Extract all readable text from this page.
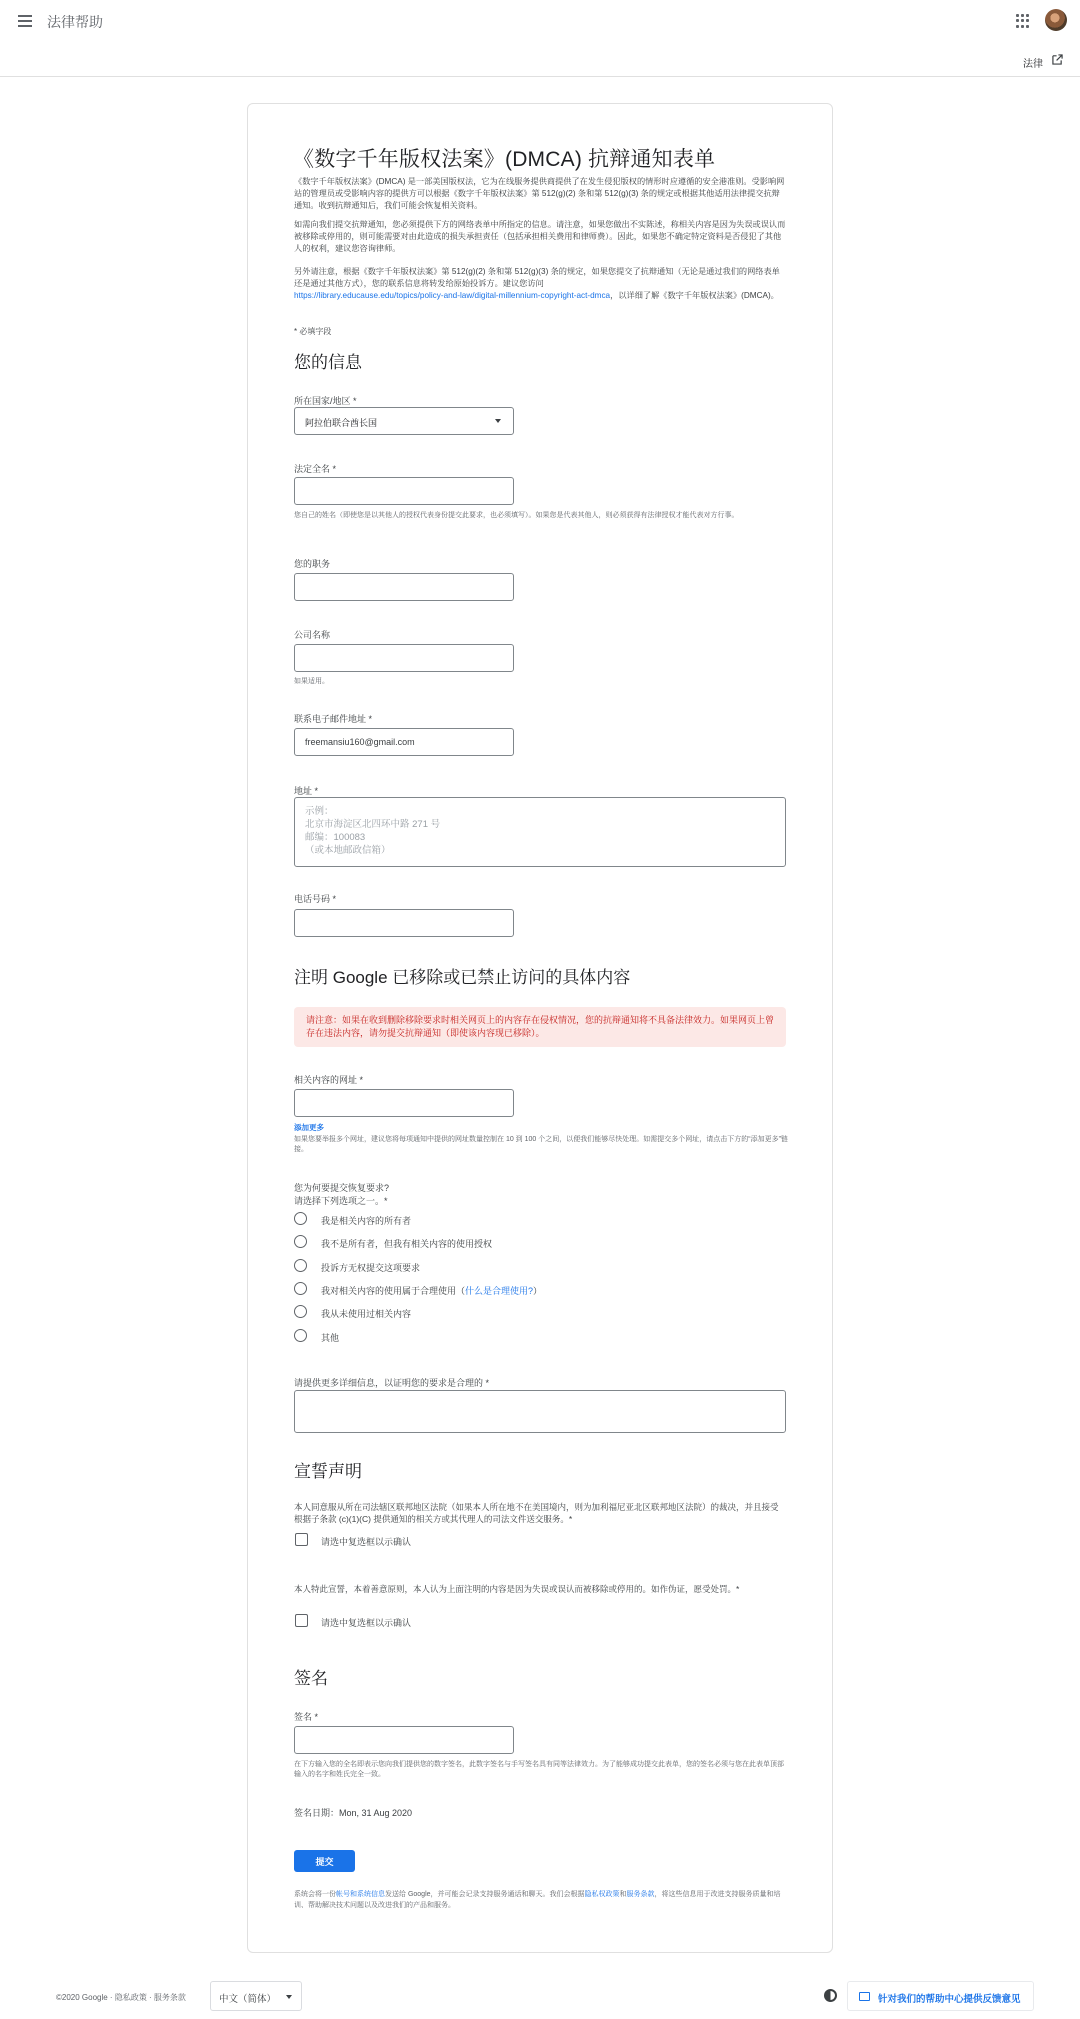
法律帮助
法律
《数字千年版权法案》(DMCA) 抗辩通知表单
《数字千年版权法案》(DMCA) 是一部美国版权法，它为在线服务提供商提供了在发生侵犯版权的情形时应遵循的安全港准则。受影响网站的管理员或受影响内容的提供方可以根据《数字千年版权法案》第 512(g)(2) 条和第 512(g)(3) 条的规定或根据其他适用法律提交抗辩通知。收到抗辩通知后，我们可能会恢复相关资料。
如需向我们提交抗辩通知，您必须提供下方的网络表单中所指定的信息。请注意，如果您做出不实陈述，称相关内容是因为失误或误认而被移除或停用的，则可能需要对由此造成的损失承担责任（包括承担相关费用和律师费）。因此，如果您不确定特定资料是否侵犯了其他人的权利，建议您咨询律师。
另外请注意，根据《数字千年版权法案》第 512(g)(2) 条和第 512(g)(3) 条的规定，如果您提交了抗辩通知（无论是通过我们的网络表单还是通过其他方式），您的联系信息将转发给原始投诉方。建议您访问
https://library.educause.edu/topics/policy-and-law/digital-millennium-copyright-act-dmca，以详细了解《数字千年版权法案》(DMCA)。
* 必填字段
您的信息
所在国家/地区 *
阿拉伯联合酋长国
法定全名 *
您自己的姓名（即使您是以其他人的授权代表身份提交此要求，也必须填写）。如果您是代表其他人，则必须获得有法律授权才能代表对方行事。
您的职务
公司名称
如果适用。
联系电子邮件地址 *
freemansiu160@gmail.com
地址 *
示例：
北京市海淀区北四环中路 271 号
邮编：100083
（或本地邮政信箱）
电话号码 *
注明 Google 已移除或已禁止访问的具体内容
请注意：如果在收到删除移除要求时相关网页上的内容存在侵权情况，您的抗辩通知将不具备法律效力。如果网页上曾存在违法内容，请勿提交抗辩通知（即使该内容现已移除）。
相关内容的网址 *
添加更多
如果您要举报多个网址，建议您将每项通知中提供的网址数量控制在 10 到 100 个之间，以便我们能够尽快处理。如需提交多个网址，请点击下方的“添加更多”链接。
您为何要提交恢复要求?
请选择下列选项之一。*
我是相关内容的所有者
我不是所有者，但我有相关内容的使用授权
投诉方无权提交这项要求
我对相关内容的使用属于合理使用（什么是合理使用?）
我从未使用过相关内容
其他
请提供更多详细信息，以证明您的要求是合理的 *
宣誓声明
本人同意服从所在司法辖区联邦地区法院（如果本人所在地不在美国境内，则为加利福尼亚北区联邦地区法院）的裁决，并且接受根据子条款 (c)(1)(C) 提供通知的相关方或其代理人的司法文件送交服务。*
请选中复选框以示确认
本人特此宣誓，本着善意原则，本人认为上面注明的内容是因为失误或误认而被移除或停用的。如作伪证，愿受处罚。*
请选中复选框以示确认
签名
签名 *
在下方输入您的全名即表示您向我们提供您的数字签名，此数字签名与手写签名具有同等法律效力。为了能够成功提交此表单，您的签名必须与您在此表单顶部输入的名字和姓氏完全一致。
签名日期：Mon, 31 Aug 2020
提交
系统会将一份帐号和系统信息发送给 Google，并可能会记录支持服务通话和聊天。我们会根据隐私权政策和服务条款，将这些信息用于改进支持服务质量和培训、帮助解决技术问题以及改进我们的产品和服务。
©2020 Google · 隐私政策 · 服务条款	中文（简体）	针对我们的帮助中心提供反馈意见
